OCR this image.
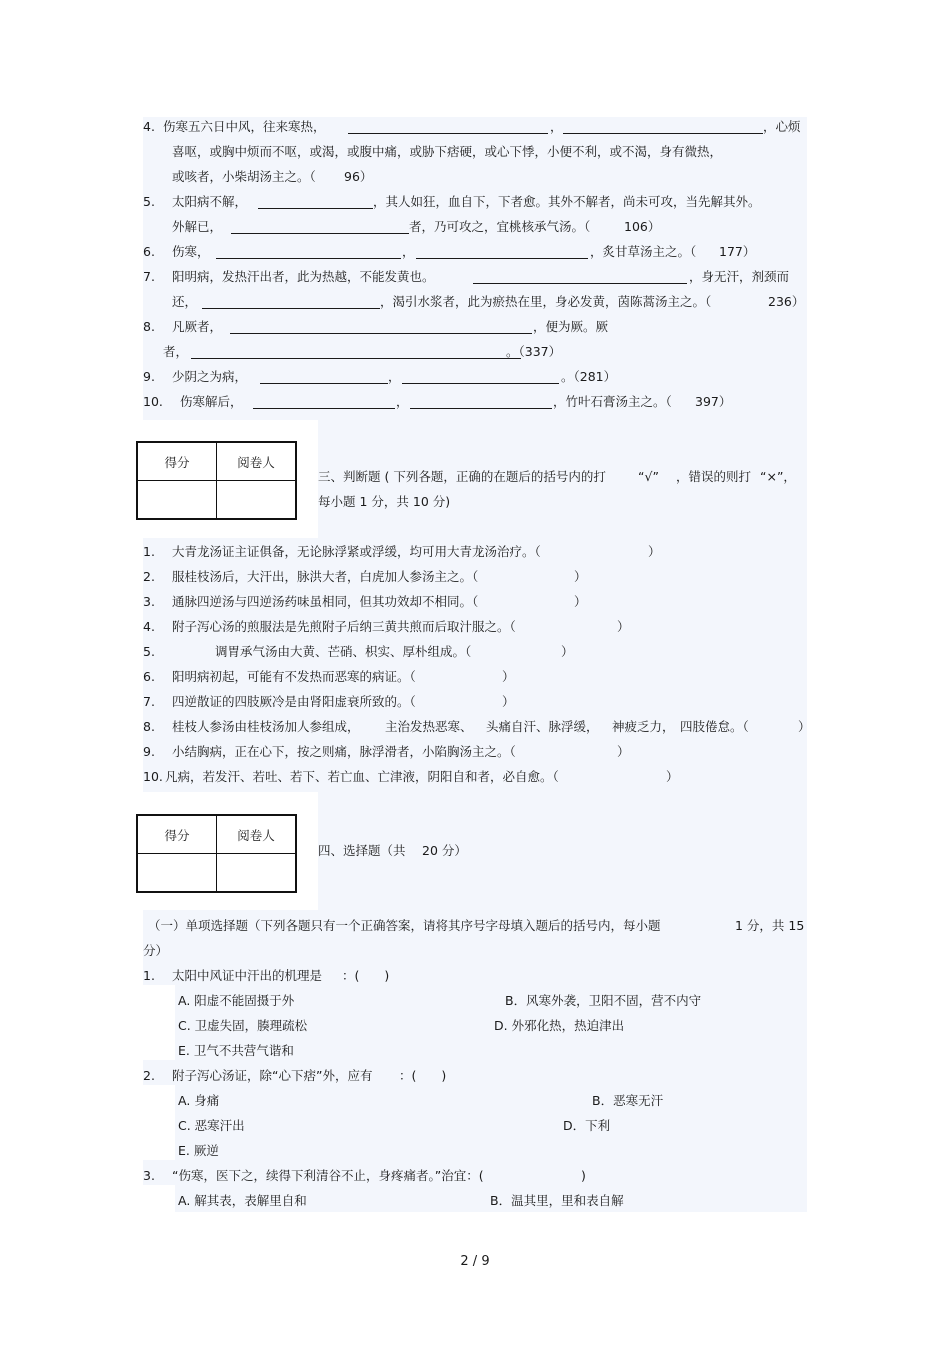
4. 伤寒五六日中风，往来寒热，	，	，心烦
喜呕，或胸中烦而不呕，或渴，或腹中痛，或胁下痞硬，或心下悸，小便不利，或不渴，身有微热，
或咳者，小柴胡汤主之。（ 96）
5. 太阳病不解，	，其人如狂，血自下，下者愈。其外不解者，尚未可攻，当先解其外。
外解已，	者，乃可攻之，宜桃核承气汤。（	106）
6. 伤寒，	，	，炙甘草汤主之。（ 177）
7. 阳明病，发热汗出者，此为热越，不能发黄也。	，身无汗，剂颈而
还，	，渴引水浆者，此为瘀热在里，身必发黄，茵陈蒿汤主之。（	236）
8. 凡厥者，	，便为厥。厥
者，	。（337）
9. 少阴之为病，	，	。（281）
10. 伤寒解后，	，	，竹叶石膏汤主之。（ 397）
得分	阅卷人

三、判断题 ( 下列各题，正确的在题后的括号内的打	“√” ，错误的则打 “×”，
每小题 1 分，共 10 分)
1. 大青龙汤证主证俱备，无论脉浮紧或浮缓，均可用大青龙汤治疗。（	）
2. 服桂枝汤后，大汗出，脉洪大者，白虎加人参汤主之。（	）
3. 通脉四逆汤与四逆汤药味虽相同，但其功效却不相同。（	）
4. 附子泻心汤的煎服法是先煎附子后纳三黄共煎而后取汁服之。（	）
5.	调胃承气汤由大黄、芒硝、枳实、厚朴组成。（	）
6. 阳明病初起，可能有不发热而恶寒的病证。（	）
7. 四逆散证的四肢厥冷是由肾阳虚衰所致的。（	）
8. 桂枝人参汤由桂枝汤加人参组成， 主治发热恶寒、 头痛自汗、脉浮缓， 神疲乏力， 四肢倦怠。（	）
9. 小结胸病，正在心下，按之则痛，脉浮滑者，小陷胸汤主之。（	）
10. 凡病，若发汗、若吐、若下、若亡血、亡津液，阴阳自和者，必自愈。（	）
得分	阅卷人

四、选择题（共 20 分）
（一）单项选择题（下列各题只有一个正确答案，请将其序号字母填入题后的括号内，每小题	1 分，共 15
分）
1. 太阳中风证中汗出的机理是 ：(　　)
A. 阳虚不能固摄于外	B．风寒外袭，卫阳不固，营不内守
C. 卫虚失固，腠理疏松	D. 外邪化热，热迫津出
E. 卫气不共营气谐和
2. 附子泻心汤证，除“心下痞”外，应有 ：(　　)
A. 身痛	B．恶寒无汗
C. 恶寒汗出	D．下利
E. 厥逆
3. “伤寒，医下之，续得下利清谷不止，身疼痛者。”治宜：(	)
A. 解其表，表解里自和	B．温其里，里和表自解
2 / 9
